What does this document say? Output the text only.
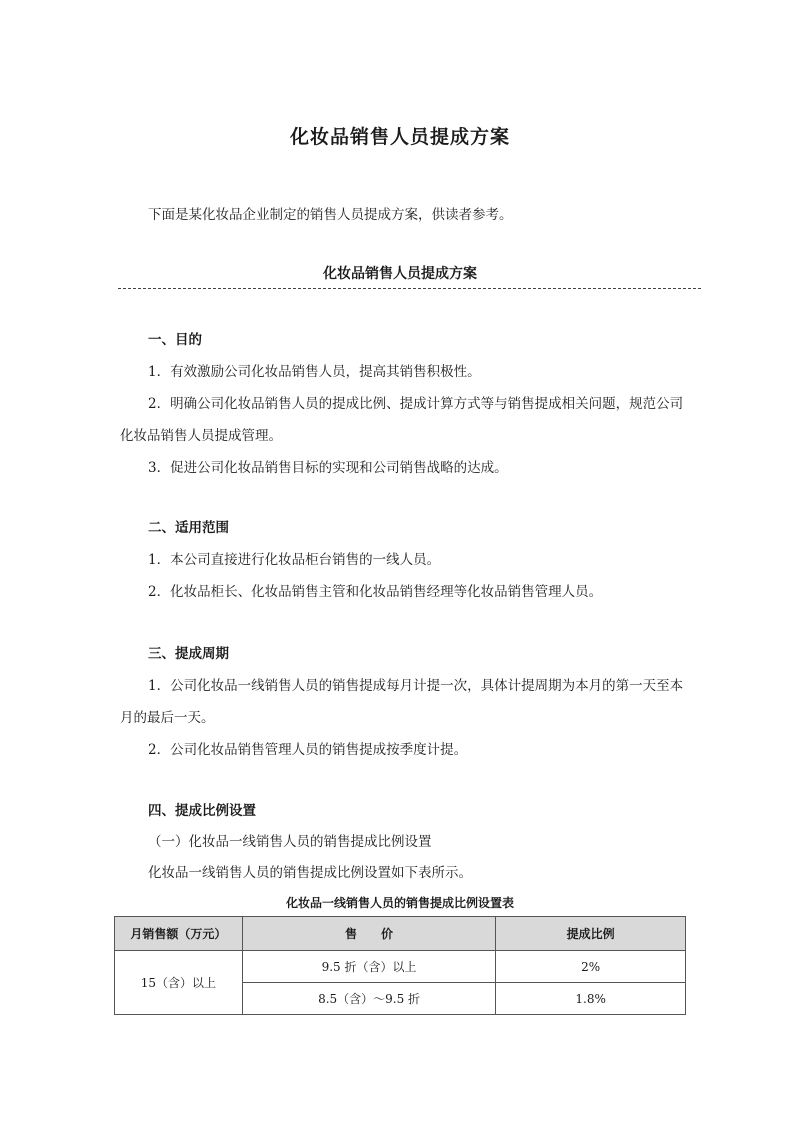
化妆品销售人员提成方案
下面是某化妆品企业制定的销售人员提成方案，供读者参考。
化妆品销售人员提成方案
一、目的
1．有效激励公司化妆品销售人员，提高其销售积极性。
2．明确公司化妆品销售人员的提成比例、提成计算方式等与销售提成相关问题，规范公司
化妆品销售人员提成管理。
3．促进公司化妆品销售目标的实现和公司销售战略的达成。
二、适用范围
1．本公司直接进行化妆品柜台销售的一线人员。
2．化妆品柜长、化妆品销售主管和化妆品销售经理等化妆品销售管理人员。
三、提成周期
1．公司化妆品一线销售人员的销售提成每月计提一次，具体计提周期为本月的第一天至本
月的最后一天。
2．公司化妆品销售管理人员的销售提成按季度计提。
四、提成比例设置
（一）化妆品一线销售人员的销售提成比例设置
化妆品一线销售人员的销售提成比例设置如下表所示。
化妆品一线销售人员的销售提成比例设置表
月销售额（万元）	售　　价	提成比例
15（含）以上	9.5 折（含）以上	2%
	8.5（含）～9.5 折	1.8%
